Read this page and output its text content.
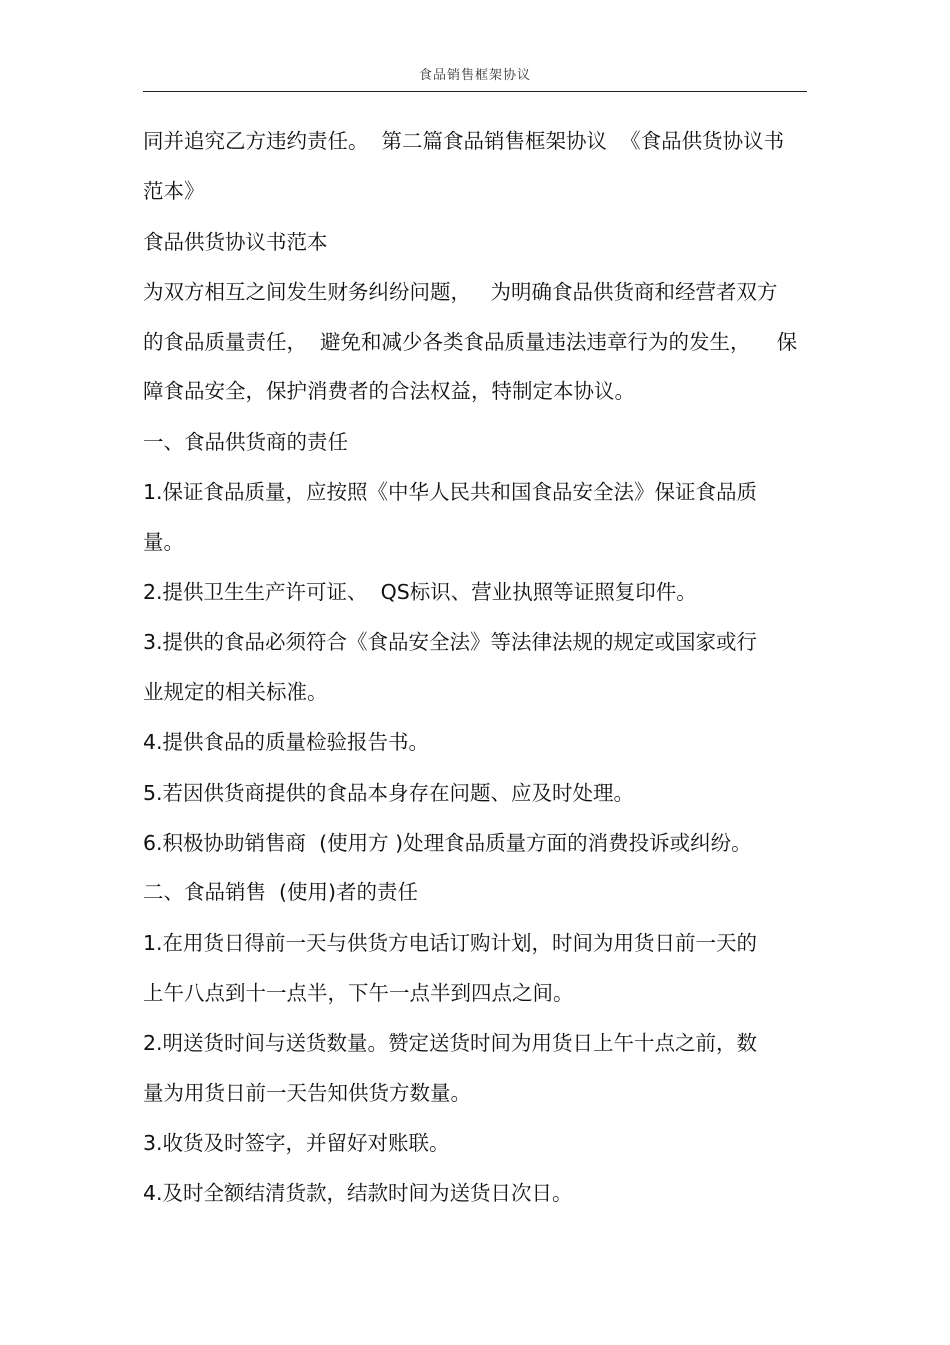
食品销售框架协议
同并追究乙方违约责任。  第二篇食品销售框架协议  《食品供货协议书
范本》
食品供货协议书范本
为双方相互之间发生财务纠纷问题，   为明确食品供货商和经营者双方
的食品质量责任，  避免和减少各类食品质量违法违章行为的发生，    保
障食品安全，保护消费者的合法权益，特制定本协议。
一、食品供货商的责任
1.保证食品质量，应按照《中华人民共和国食品安全法》保证食品质
量。
2.提供卫生生产许可证、  QS标识、营业执照等证照复印件。
3.提供的食品必须符合《食品安全法》等法律法规的规定或国家或行
业规定的相关标准。
4.提供食品的质量检验报告书。
5.若因供货商提供的食品本身存在问题、应及时处理。
6.积极协助销售商  (使用方 )处理食品质量方面的消费投诉或纠纷。
二、食品销售  (使用)者的责任
1.在用货日得前一天与供货方电话订购计划，时间为用货日前一天的
上午八点到十一点半，下午一点半到四点之间。
2.明送货时间与送货数量。赞定送货时间为用货日上午十点之前，数
量为用货日前一天告知供货方数量。
3.收货及时签字，并留好对账联。
4.及时全额结清货款，结款时间为送货日次日。
